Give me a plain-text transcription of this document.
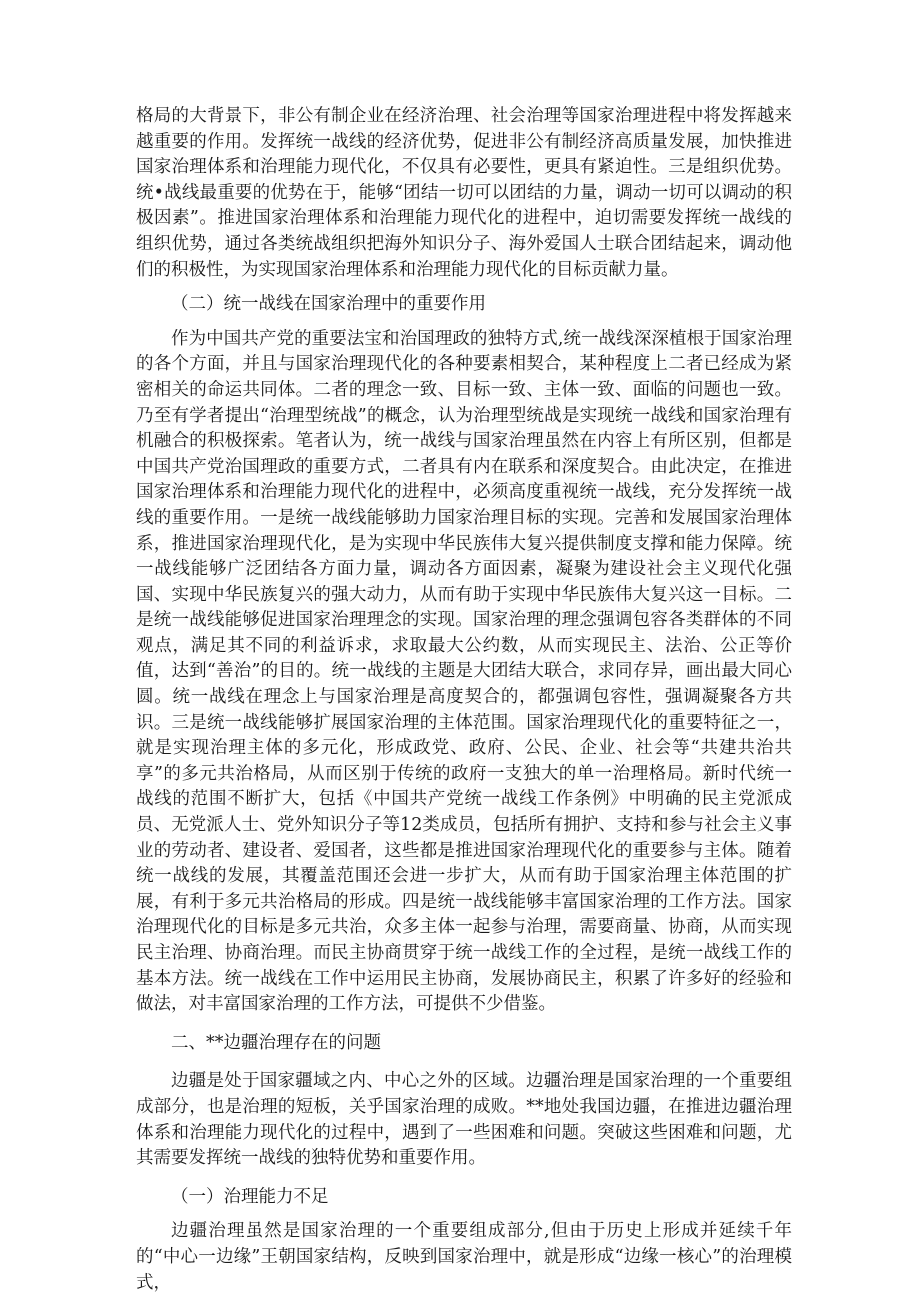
格局的大背景下，非公有制企业在经济治理、社会治理等国家治理进程中将发挥越来越重要的作用。发挥统一战线的经济优势，促进非公有制经济高质量发展，加快推进国家治理体系和治理能力现代化，不仅具有必要性，更具有紧迫性。三是组织优势。统•战线最重要的优势在于，能够“团结一切可以团结的力量，调动一切可以调动的积极因素”。推进国家治理体系和治理能力现代化的进程中，迫切需要发挥统一战线的组织优势，通过各类统战组织把海外知识分子、海外爱国人士联合团结起来，调动他们的积极性，为实现国家治理体系和治理能力现代化的目标贡献力量。

（二）统一战线在国家治理中的重要作用

作为中国共产党的重要法宝和治国理政的独特方式,统一战线深深植根于国家治理的各个方面，并且与国家治理现代化的各种要素相契合，某种程度上二者已经成为紧密相关的命运共同体。二者的理念一致、目标一致、主体一致、面临的问题也一致。乃至有学者提出“治理型统战”的概念，认为治理型统战是实现统一战线和国家治理有机融合的积极探索。笔者认为，统一战线与国家治理虽然在内容上有所区别，但都是中国共产党治国理政的重要方式，二者具有内在联系和深度契合。由此决定，在推进国家治理体系和治理能力现代化的进程中，必须高度重视统一战线，充分发挥统一战线的重要作用。一是统一战线能够助力国家治理目标的实现。完善和发展国家治理体系，推进国家治理现代化，是为实现中华民族伟大复兴提供制度支撑和能力保障。统一战线能够广泛团结各方面力量，调动各方面因素，凝聚为建设社会主义现代化强国、实现中华民族复兴的强大动力，从而有助于实现中华民族伟大复兴这一目标。二是统一战线能够促进国家治理理念的实现。国家治理的理念强调包容各类群体的不同观点，满足其不同的利益诉求，求取最大公约数，从而实现民主、法治、公正等价值，达到“善治”的目的。统一战线的主题是大团结大联合，求同存异，画出最大同心圆。统一战线在理念上与国家治理是高度契合的，都强调包容性，强调凝聚各方共识。三是统一战线能够扩展国家治理的主体范围。国家治理现代化的重要特征之一，就是实现治理主体的多元化，形成政党、政府、公民、企业、社会等“共建共治共享”的多元共治格局，从而区别于传统的政府一支独大的单一治理格局。新时代统一战线的范围不断扩大，包括《中国共产党统一战线工作条例》中明确的民主党派成员、无党派人士、党外知识分子等12类成员，包括所有拥护、支持和参与社会主义事业的劳动者、建设者、爱国者，这些都是推进国家治理现代化的重要参与主体。随着统一战线的发展，其覆盖范围还会进一步扩大，从而有助于国家治理主体范围的扩展，有利于多元共治格局的形成。四是统一战线能够丰富国家治理的工作方法。国家治理现代化的目标是多元共治，众多主体一起参与治理，需要商量、协商，从而实现民主治理、协商治理。而民主协商贯穿于统一战线工作的全过程，是统一战线工作的基本方法。统一战线在工作中运用民主协商，发展协商民主，积累了许多好的经验和做法，对丰富国家治理的工作方法，可提供不少借鉴。

二、**边疆治理存在的问题

边疆是处于国家疆域之内、中心之外的区域。边疆治理是国家治理的一个重要组成部分，也是治理的短板，关乎国家治理的成败。**地处我国边疆，在推进边疆治理体系和治理能力现代化的过程中，遇到了一些困难和问题。突破这些困难和问题，尤其需要发挥统一战线的独特优势和重要作用。

（一）治理能力不足

边疆治理虽然是国家治理的一个重要组成部分,但由于历史上形成并延续千年的“中心一边缘”王朝国家结构，反映到国家治理中，就是形成“边缘一核心”的治理模式，
